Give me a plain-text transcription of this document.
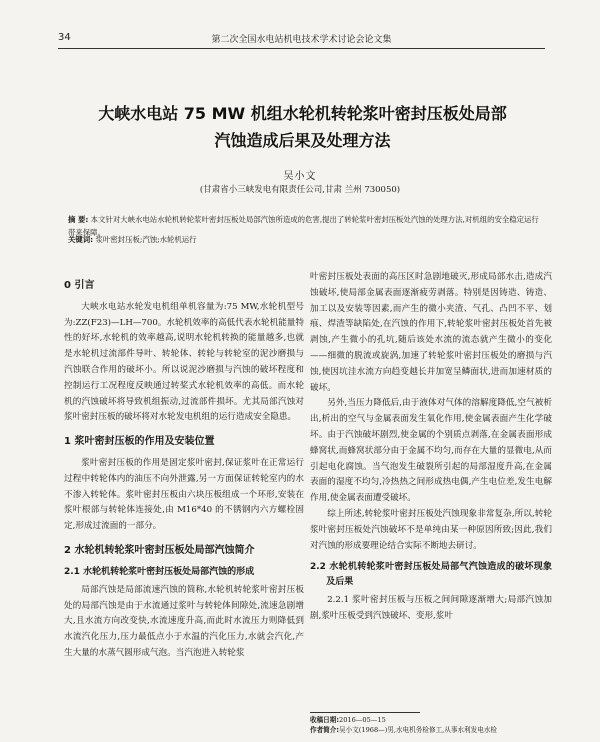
34	第二次全国水电站机电技术学术讨论会论文集
大峡水电站 75 MW 机组水轮机转轮浆叶密封压板处局部
汽蚀造成后果及处理方法
吴小文
(甘肃省小三峡发电有限责任公司,甘肃 兰州 730050)
摘 要: 本文针对大峡水电站水轮机转轮浆叶密封压板处局部汽蚀所造成的危害,提出了转轮浆叶密封压板处汽蚀的处理方法,对机组的安全稳定运行带来保障。
关键词: 浆叶密封压板;汽蚀;水轮机运行
0 引言

大峡水电站水轮发电机组单机容量为:75 MW,水轮机型号为:ZZ(F23)—LH—700。水轮机效率的高低代表水轮机能量特性的好坏,水轮机的效率越高,说明水轮机转换的能量越多,也就是水轮机过流部件导叶、转轮体、转轮与转轮室的泥沙磨损与汽蚀联合作用的破坏小。所以说泥沙磨损与汽蚀的破坏程度和控制运行工况程度反映通过转桨式水轮机效率的高低。而水轮机的汽蚀破坏将导致机组振动,过流部件损坏。尤其局部汽蚀对浆叶密封压板的破坏将对水轮发电机组的运行造成安全隐患。

1 浆叶密封压板的作用及安装位置

浆叶密封压板的作用是固定浆叶密封,保证浆叶在正常运行过程中转轮体内的油压不向外泄露,另一方面保证转轮室内的水不渗入转轮体。浆叶密封压板由六块压板组成一个环形,安装在浆叶根部与转轮体连接处,由 M16*40 的不锈钢内六方螺栓固定,形成过流面的一部分。

2 水轮机转轮浆叶密封压板处局部汽蚀简介
2.1 水轮机转轮浆叶密封压板处局部汽蚀的形成

局部汽蚀是局部流速汽蚀的简称,水轮机转轮浆叶密封压板处的局部汽蚀是由于水流通过浆叶与转轮体间隙处,流速急剧增大,且水流方向改变快,水流速度升高,而此时水流压力则降低到水流汽化压力,压力最低点小于水温的汽化压力,水就会汽化,产生大量的水蒸气圆形成气泡。当汽泡进入转轮浆

叶密封压板处表面的高压区时急剧地破灭,形成局部水击,造成汽蚀破坏,使局部金属表面逐渐疲劳剥落。特别是因铸造、铸造、加工以及安装等因素,而产生的微小夹渣、气孔、凸凹不平、划痕、焊渣等缺陷处,在汽蚀的作用下,转轮浆叶密封压板处首先被剥蚀,产生微小的孔坑,随后该处水流的流态就产生微小的变化——细微的脱流或旋涡,加速了转轮浆叶密封压板处的磨损与汽蚀,使因坑洼水流方向趋变越长并加宽呈鳞面状,进而加速材质的破坏。

另外,当压力降低后,由于液体对气体的溶解度降低,空气被析出,析出的空气与金属表面发生氧化作用,使金属表面产生化学破坏。由于汽蚀破坏剧烈,使金属的个别质点剥落,在金属表面形成蜂窝状,而蜂窝状部分由于金属不均匀,而存在大量的显微电,从而引起电化腐蚀。当气泡发生破裂所引起的局部湿度升高,在金属表面的湿度不均匀,冷热热之间形成热电偶,产生电位差,发生电解作用,使金属表面遭受破坏。

综上所述,转轮浆叶密封压板处汽蚀现象非常复杂,所以,转轮浆叶密封压板处汽蚀破坏不是单纯由某一种原因所致;因此,我们对汽蚀的形成要理论结合实际不断地去研讨。

2.2 水轮机转轮浆叶密封压板处局部气汽蚀造成的破坏现象及后果

2.2.1 浆叶密封压板与压板之间间隙逐渐增大;局部汽蚀加剧,浆叶压板受到汽蚀破坏、变形,浆叶

收稿日期:2016—05—15
作者简介:吴小文(1968—)男,水电机务检修工,从事水利发电水检
